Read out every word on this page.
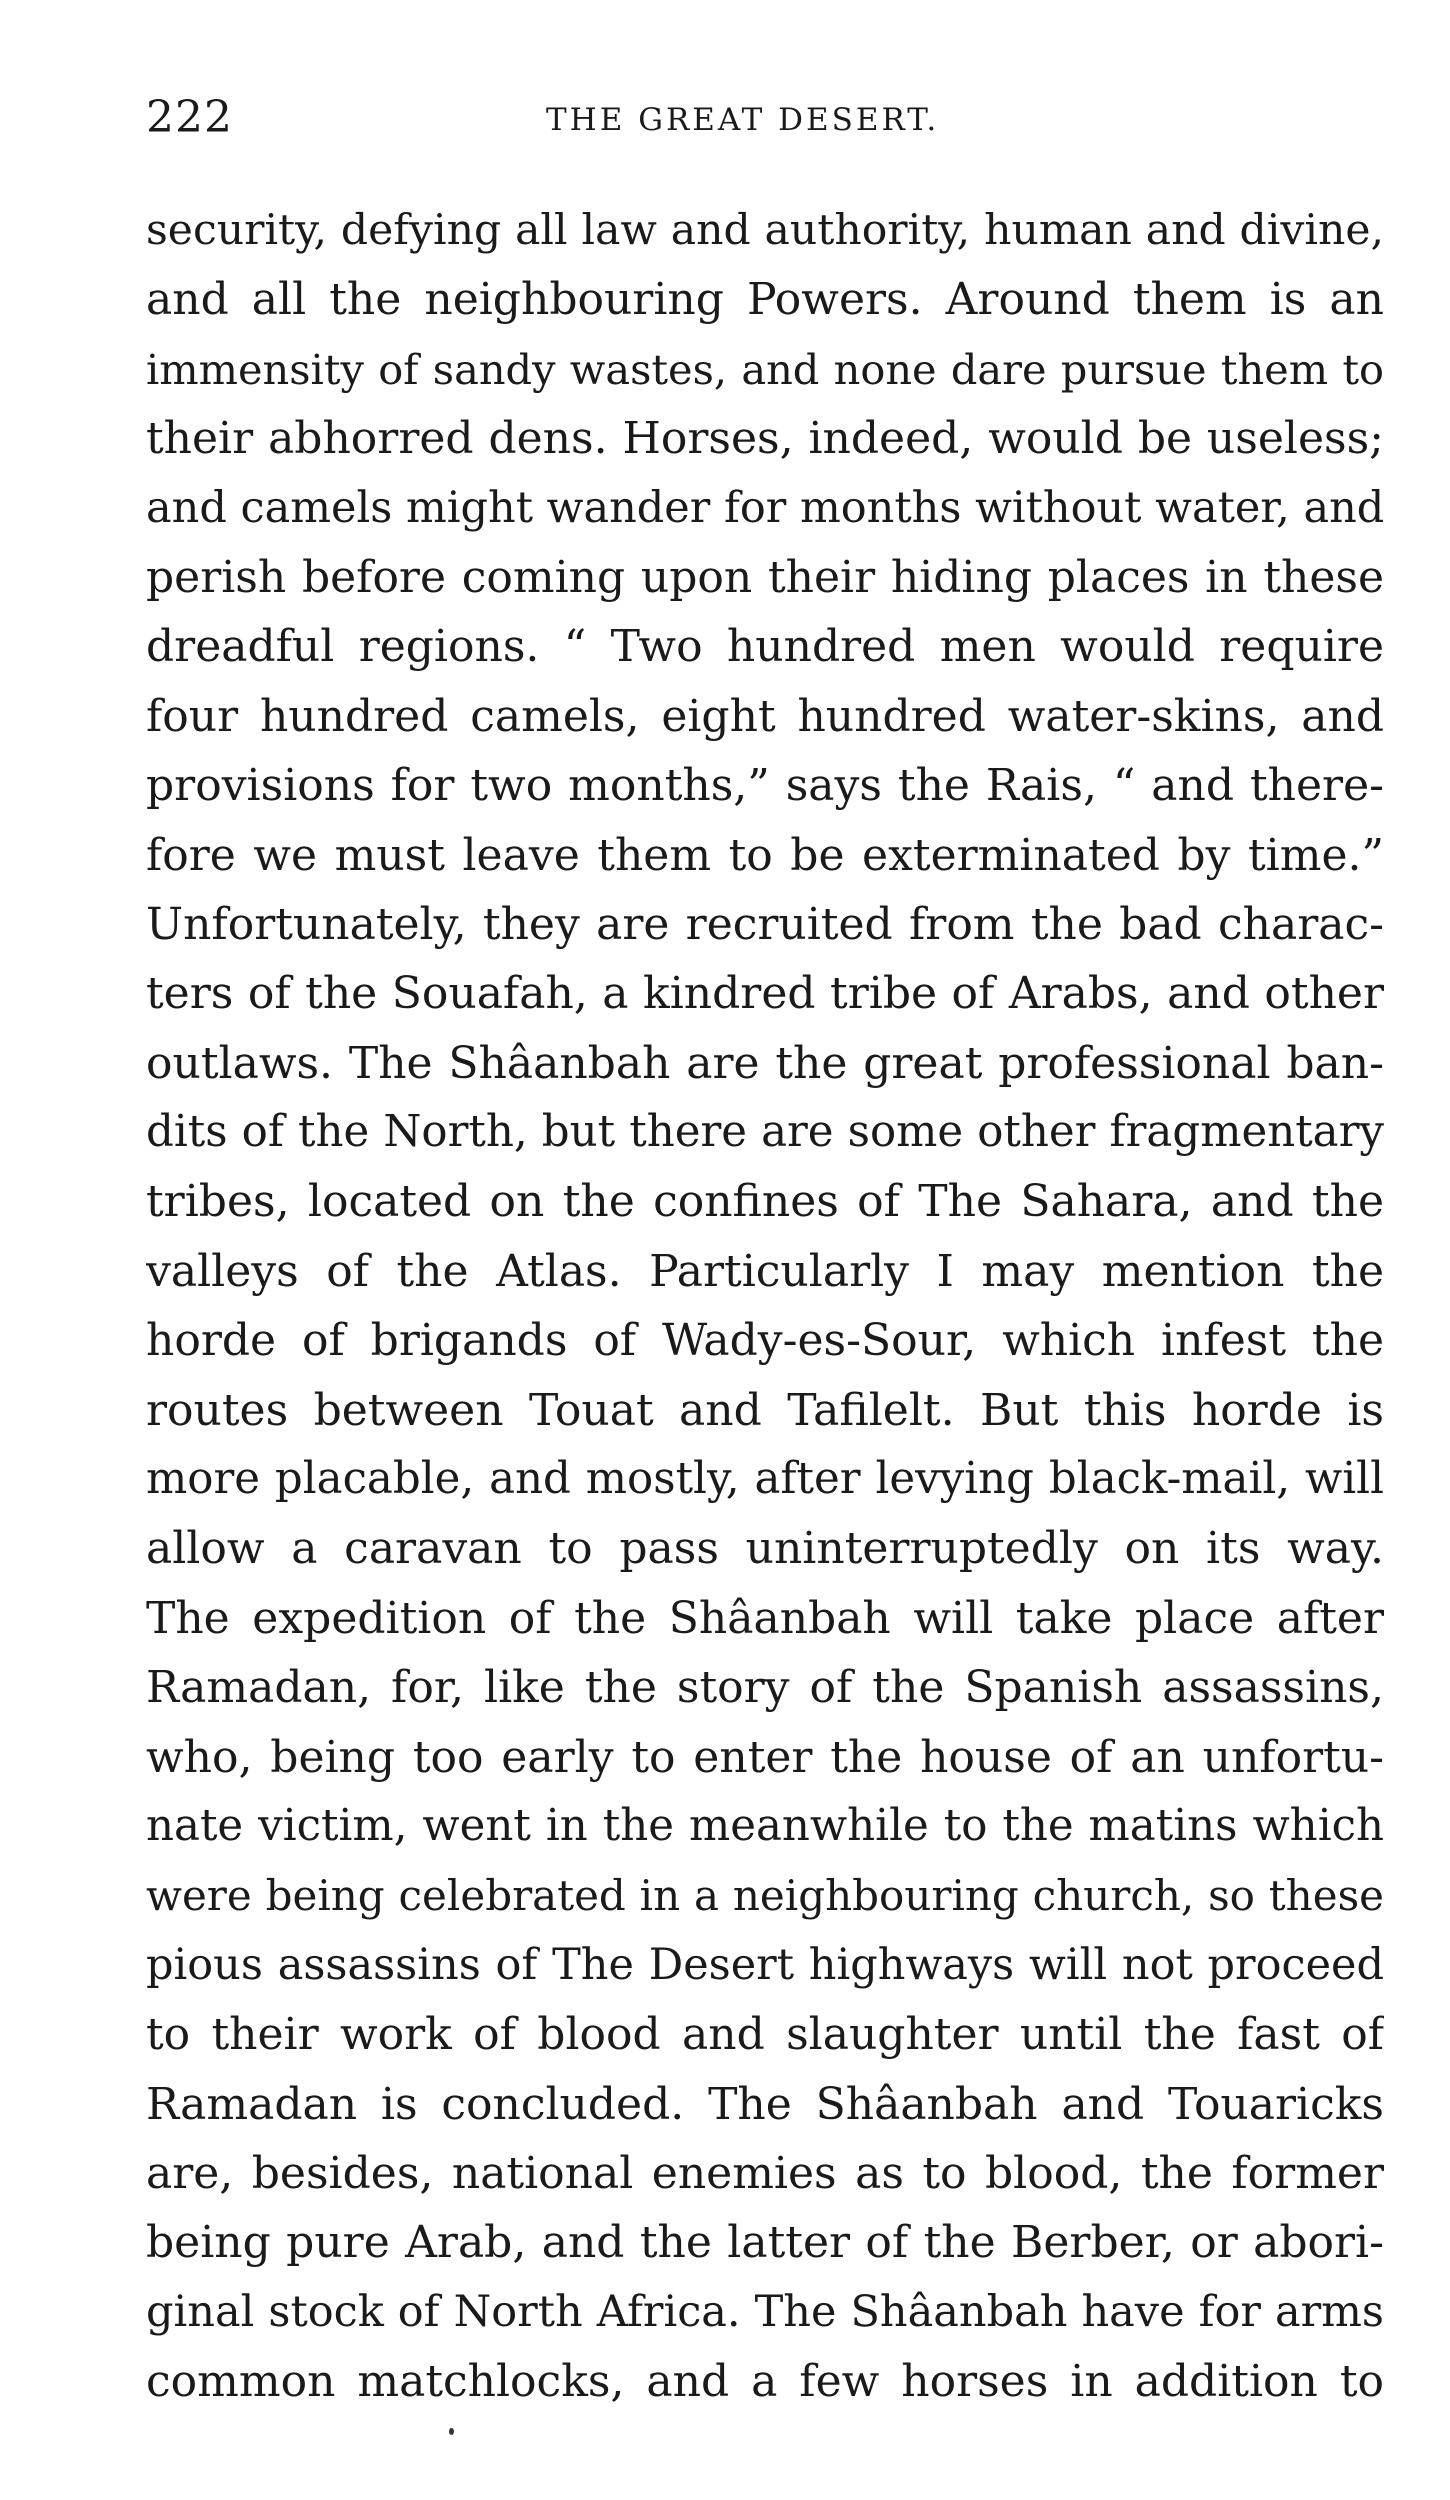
222	THE GREAT DESERT.
security, defying all law and authority, human and divine,
and all the neighbouring Powers. Around them is an
immensity of sandy wastes, and none dare pursue them to
their abhorred dens. Horses, indeed, would be useless;
and camels might wander for months without water, and
perish before coming upon their hiding places in these
dreadful regions. “ Two hundred men would require
four hundred camels, eight hundred water-skins, and
provisions for two months,” says the Rais, “ and there-
fore we must leave them to be exterminated by time.”
Unfortunately, they are recruited from the bad charac-
ters of the Souafah, a kindred tribe of Arabs, and other
outlaws. The Shâanbah are the great professional ban-
dits of the North, but there are some other fragmentary
tribes, located on the confines of The Sahara, and the
valleys of the Atlas. Particularly I may mention the
horde of brigands of Wady-es-Sour, which infest the
routes between Touat and Tafilelt. But this horde is
more placable, and mostly, after levying black-mail, will
allow a caravan to pass uninterruptedly on its way.
The expedition of the Shâanbah will take place after
Ramadan, for, like the story of the Spanish assassins,
who, being too early to enter the house of an unfortu-
nate victim, went in the meanwhile to the matins which
were being celebrated in a neighbouring church, so these
pious assassins of The Desert highways will not proceed
to their work of blood and slaughter until the fast of
Ramadan is concluded. The Shâanbah and Touaricks
are, besides, national enemies as to blood, the former
being pure Arab, and the latter of the Berber, or abori-
ginal stock of North Africa. The Shâanbah have for arms
common matchlocks, and a few horses in addition to
